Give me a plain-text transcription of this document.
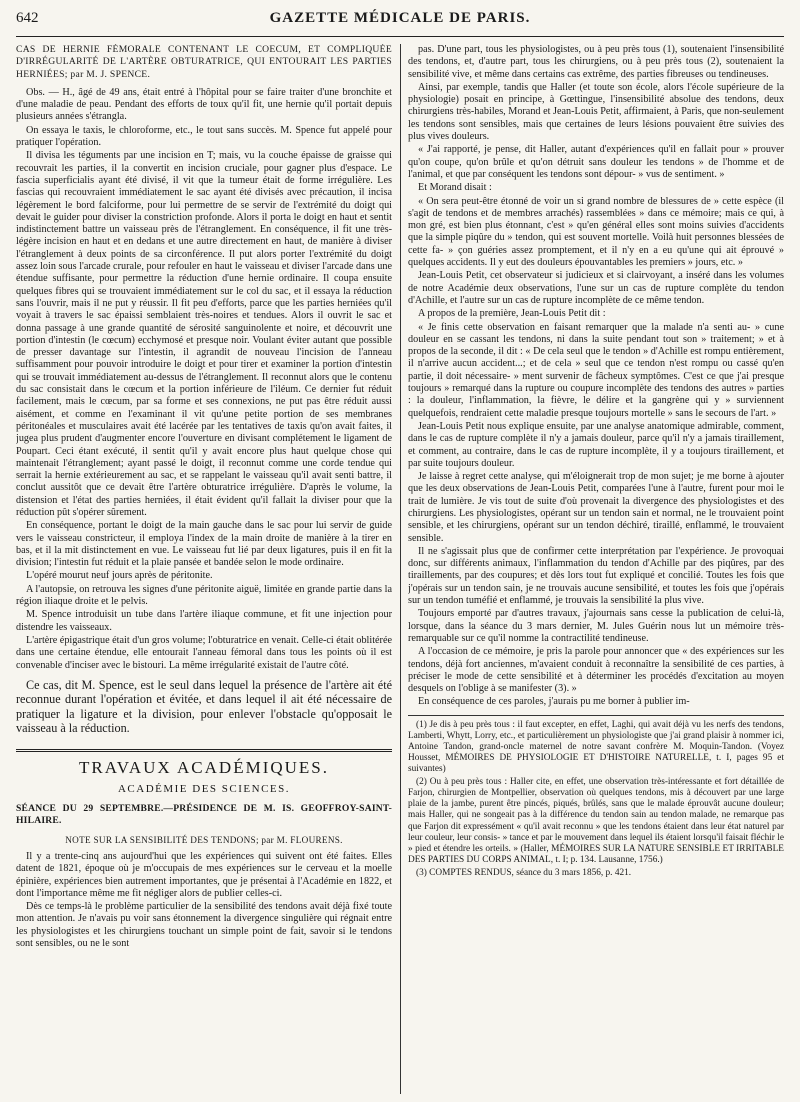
642	GAZETTE MÉDICALE DE PARIS.

CAS DE HERNIE FÉMORALE CONTENANT LE COECUM, ET COMPLIQUÉE D'IRRÉGULARITÉ DE L'ARTÈRE OBTURATRICE, QUI ENTOURAIT LES PARTIES HERNIÉES; par M. J. SPENCE.

Obs. — H., âgé de 49 ans, était entré à l'hôpital pour se faire traiter d'une bronchite et d'une maladie de peau. Pendant des efforts de toux qu'il fit, une hernie qu'il portait depuis plusieurs années s'étrangla.

On essaya le taxis, le chloroforme, etc., le tout sans succès. M. Spence fut appelé pour pratiquer l'opération.

Il divisa les téguments par une incision en T; mais, vu la couche épaisse de graisse qui recouvrait les parties, il la convertit en incision cruciale, pour gagner plus d'espace. Le fascia superficialis ayant été divisé, il vit que la tumeur était de forme irrégulière. Les fascias qui recouvraient immédiatement le sac ayant été divisés avec précaution, il incisa légèrement le bord falciforme, pour lui permettre de se servir de l'extrémité du doigt qui devait le guider pour diviser la constriction profonde. Alors il porta le doigt en haut et sentit indistinctement battre un vaisseau près de l'étranglement. En conséquence, il fit une très-légère incision en haut et en dedans et une autre directement en haut, de manière à diviser l'étranglement à deux points de sa circonférence. Il put alors porter l'extrémité du doigt assez loin sous l'arcade crurale, pour refouler en haut le vaisseau et diviser l'arcade dans une étendue suffisante, pour permettre la réduction d'une hernie ordinaire. Il coupa ensuite quelques fibres qui se trouvaient immédiatement sur le col du sac, et il essaya la réduction sans l'ouvrir, mais il ne put y réussir. Il fit peu d'efforts, parce que les parties herniées qu'il voyait à travers le sac épaissi semblaient très-noires et tendues. Alors il ouvrit le sac et donna passage à une grande quantité de sérosité sanguinolente et noire, et découvrit une portion d'intestin (le cœcum) ecchymosé et presque noir. Voulant éviter autant que possible de presser davantage sur l'intestin, il agrandit de nouveau l'incision de l'anneau suffisamment pour pouvoir introduire le doigt et pour tirer et examiner la portion d'intestin qui se trouvait immédiatement au-dessus de l'étranglement. Il reconnut alors que le contenu du sac consistait dans le cœcum et la portion inférieure de l'iléum. Ce dernier fut réduit facilement, mais le cœcum, par sa forme et ses connexions, ne put pas être réduit aussi aisément, et comme en l'examinant il vit qu'une petite portion de ses membranes péritonéales et musculaires avait été lacérée par les tentatives de taxis qu'on avait faites, il jugea plus prudent d'augmenter encore l'ouverture en divisant complétement le ligament de Poupart. Ceci étant exécuté, il sentit qu'il y avait encore plus haut quelque chose qui maintenait l'étranglement; ayant passé le doigt, il reconnut comme une corde tendue qui serrait la hernie extérieurement au sac, et se rappelant le vaisseau qu'il avait senti battre, il conclut aussitôt que ce devait être l'artère obturatrice irrégulière. D'après le volume, la distension et l'état des parties herniées, il était évident qu'il fallait la diviser pour que la réduction pût s'opérer sûrement.

En conséquence, portant le doigt de la main gauche dans le sac pour lui servir de guide vers le vaisseau constricteur, il employa l'index de la main droite de manière à la tirer en bas, et il la mit distinctement en vue. Le vaisseau fut lié par deux ligatures, puis il en fit la division; l'intestin fut réduit et la plaie pansée et bandée selon le mode ordinaire.

L'opéré mourut neuf jours après de péritonite.

A l'autopsie, on retrouva les signes d'une péritonite aiguë, limitée en grande partie dans la région iliaque droite et le pelvis.

M. Spence introduisit un tube dans l'artère iliaque commune, et fit une injection pour distendre les vaisseaux.

L'artère épigastrique était d'un gros volume; l'obturatrice en venait. Celle-ci était oblitérée dans une certaine étendue, elle entourait l'anneau fémoral dans tous les points où il est convenable d'inciser avec le bistouri. La même irrégularité existait de l'autre côté.

Ce cas, dit M. Spence, est le seul dans lequel la présence de l'artère ait été reconnue durant l'opération et évitée, et dans lequel il ait été nécessaire de pratiquer la ligature et la division, pour enlever l'obstacle qu'opposait le vaisseau à la réduction.

TRAVAUX ACADÉMIQUES.
ACADÉMIE DES SCIENCES.

SÉANCE DU 29 SEPTEMBRE.—PRÉSIDENCE DE M. IS. GEOFFROY-SAINT-HILAIRE.

NOTE SUR LA SENSIBILITÉ DES TENDONS; par M. FLOURENS.

Il y a trente-cinq ans aujourd'hui que les expériences qui suivent ont été faites. Elles datent de 1821, époque où je m'occupais de mes expériences sur le cerveau et la moelle épinière, expériences bien autrement importantes, que je présentai à l'Académie en 1822, et dont l'importance même me fit négliger alors de publier celles-ci.

Dès ce temps-là le problème particulier de la sensibilité des tendons avait déjà fixé toute mon attention. Je n'avais pu voir sans étonnement la divergence singulière qui régnait entre les physiologistes et les chirurgiens touchant un simple point de fait, savoir si le tendons sont sensibles, ou ne le sont

pas. D'une part, tous les physiologistes, ou à peu près tous (1), soutenaient l'insensibilité des tendons, et, d'autre part, tous les chirurgiens, ou à peu près tous (2), soutenaient la sensibilité vive, et même dans certains cas extrême, des parties fibreuses ou tendineuses.

Ainsi, par exemple, tandis que Haller (et toute son école, alors l'école supérieure de la physiologie) posait en principe, à Gœttingue, l'insensibilité absolue des tendons, deux chirurgiens très-habiles, Morand et Jean-Louis Petit, affirmaient, à Paris, que non-seulement les tendons sont sensibles, mais que certaines de leurs lésions pouvaient être suivies des plus vives douleurs.

« J'ai rapporté, je pense, dit Haller, autant d'expériences qu'il en fallait pour » prouver qu'on coupe, qu'on brûle et qu'on détruit sans douleur les tendons » de l'homme et de l'animal, et que par conséquent les tendons sont dépour- » vus de sentiment. »

Et Morand disait :

« On sera peut-être étonné de voir un si grand nombre de blessures de » cette espèce (il s'agit de tendons et de membres arrachés) rassemblées » dans ce mémoire; mais ce qui, à mon gré, est bien plus étonnant, c'est » qu'en général elles sont moins suivies d'accidents que la simple piqûre du » tendon, qui est souvent mortelle. Voilà huit personnes blessées de cette fa- » çon guéries assez promptement, et il n'y en a eu qu'une qui ait éprouvé » quelques accidents. Il y eut des douleurs épouvantables les premiers » jours, etc. »

Jean-Louis Petit, cet observateur si judicieux et si clairvoyant, a inséré dans les volumes de notre Académie deux observations, l'une sur un cas de rupture complète du tendon d'Achille, et l'autre sur un cas de rupture incomplète de ce même tendon.

A propos de la première, Jean-Louis Petit dit :

« Je finis cette observation en faisant remarquer que la malade n'a senti au- » cune douleur en se cassant les tendons, ni dans la suite pendant tout son » traitement; » et à propos de la seconde, il dit : « De cela seul que le tendon » d'Achille est rompu entièrement, il n'arrive aucun accident...; et de cela » seul que ce tendon n'est rompu ou cassé qu'en partie, il doit nécessaire- » ment survenir de fâcheux symptômes. C'est ce que j'ai presque toujours » remarqué dans la rupture ou coupure incomplète des tendons des autres » parties : la douleur, l'inflammation, la fièvre, le délire et la gangrène qui y » surviennent quelquefois, rendraient cette maladie presque toujours mortelle » sans le secours de l'art. »

Jean-Louis Petit nous explique ensuite, par une analyse anatomique admirable, comment, dans le cas de rupture complète il n'y a jamais douleur, parce qu'il n'y a jamais tiraillement, et comment, au contraire, dans le cas de rupture incomplète, il y a toujours tiraillement, et par suite toujours douleur.

Je laisse à regret cette analyse, qui m'éloignerait trop de mon sujet; je me borne à ajouter que les deux observations de Jean-Louis Petit, comparées l'une à l'autre, furent pour moi le trait de lumière. Je vis tout de suite d'où provenait la divergence des physiologistes et des chirurgiens. Les physiologistes, opérant sur un tendon sain et normal, ne le trouvaient point sensible, et les chirurgiens, opérant sur un tendon déchiré, tiraillé, enflammé, le trouvaient sensible.

Il ne s'agissait plus que de confirmer cette interprétation par l'expérience. Je provoquai donc, sur différents animaux, l'inflammation du tendon d'Achille par des piqûres, par des tiraillements, par des coupures; et dès lors tout fut expliqué et concilié. Toutes les fois que j'opérais sur un tendon sain, je ne trouvais aucune sensibilité, et toutes les fois que j'opérais sur un tendon tuméfié et enflammé, je trouvais la sensibilité la plus vive.

Toujours emporté par d'autres travaux, j'ajournais sans cesse la publication de celui-là, lorsque, dans la séance du 3 mars dernier, M. Jules Guérin nous lut un mémoire très-remarquable sur ce qu'il nomme la contractilité tendineuse.

A l'occasion de ce mémoire, je pris la parole pour annoncer que « des expériences sur les tendons, déjà fort anciennes, m'avaient conduit à reconnaître la sensibilité de ces parties, à préciser le mode de cette sensibilité et à déterminer les procédés d'excitation au moyen desquels on l'oblige à se manifester (3). »

En conséquence de ces paroles, j'aurais pu me borner à publier im-

(1) Je dis à peu près tous : il faut excepter, en effet, Laghi, qui avait déjà vu les nerfs des tendons, Lamberti, Whytt, Lorry, etc., et particulièrement un physiologiste que j'ai grand plaisir à nommer ici, Antoine Tandon, grand-oncle maternel de notre savant confrère M. Moquin-Tandon. (Voyez Housset, MÉMOIRES DE PHYSIOLOGIE ET D'HISTOIRE NATURELLE, t. I, pages 95 et suivantes)

(2) Ou à peu près tous : Haller cite, en effet, une observation très-intéressante et fort détaillée de Farjon, chirurgien de Montpellier, observation où quelques tendons, mis à découvert par une large plaie de la jambe, purent être pincés, piqués, brûlés, sans que le malade éprouvât aucune douleur; mais Haller, qui ne songeait pas à la différence du tendon sain au tendon malade, ne remarque pas que Farjon dit expressément « qu'il avait reconnu » que les tendons étaient dans leur état naturel par leur couleur, leur consis- » tance et par le mouvement dans lequel ils étaient lorsqu'il faisait fléchir le » pied et étendre les orteils. » (Haller, MÉMOIRES SUR LA NATURE SENSIBLE ET IRRITABLE DES PARTIES DU CORPS ANIMAL, t. I; p. 134. Lausanne, 1756.)

(3) COMPTES RENDUS, séance du 3 mars 1856, p. 421.
